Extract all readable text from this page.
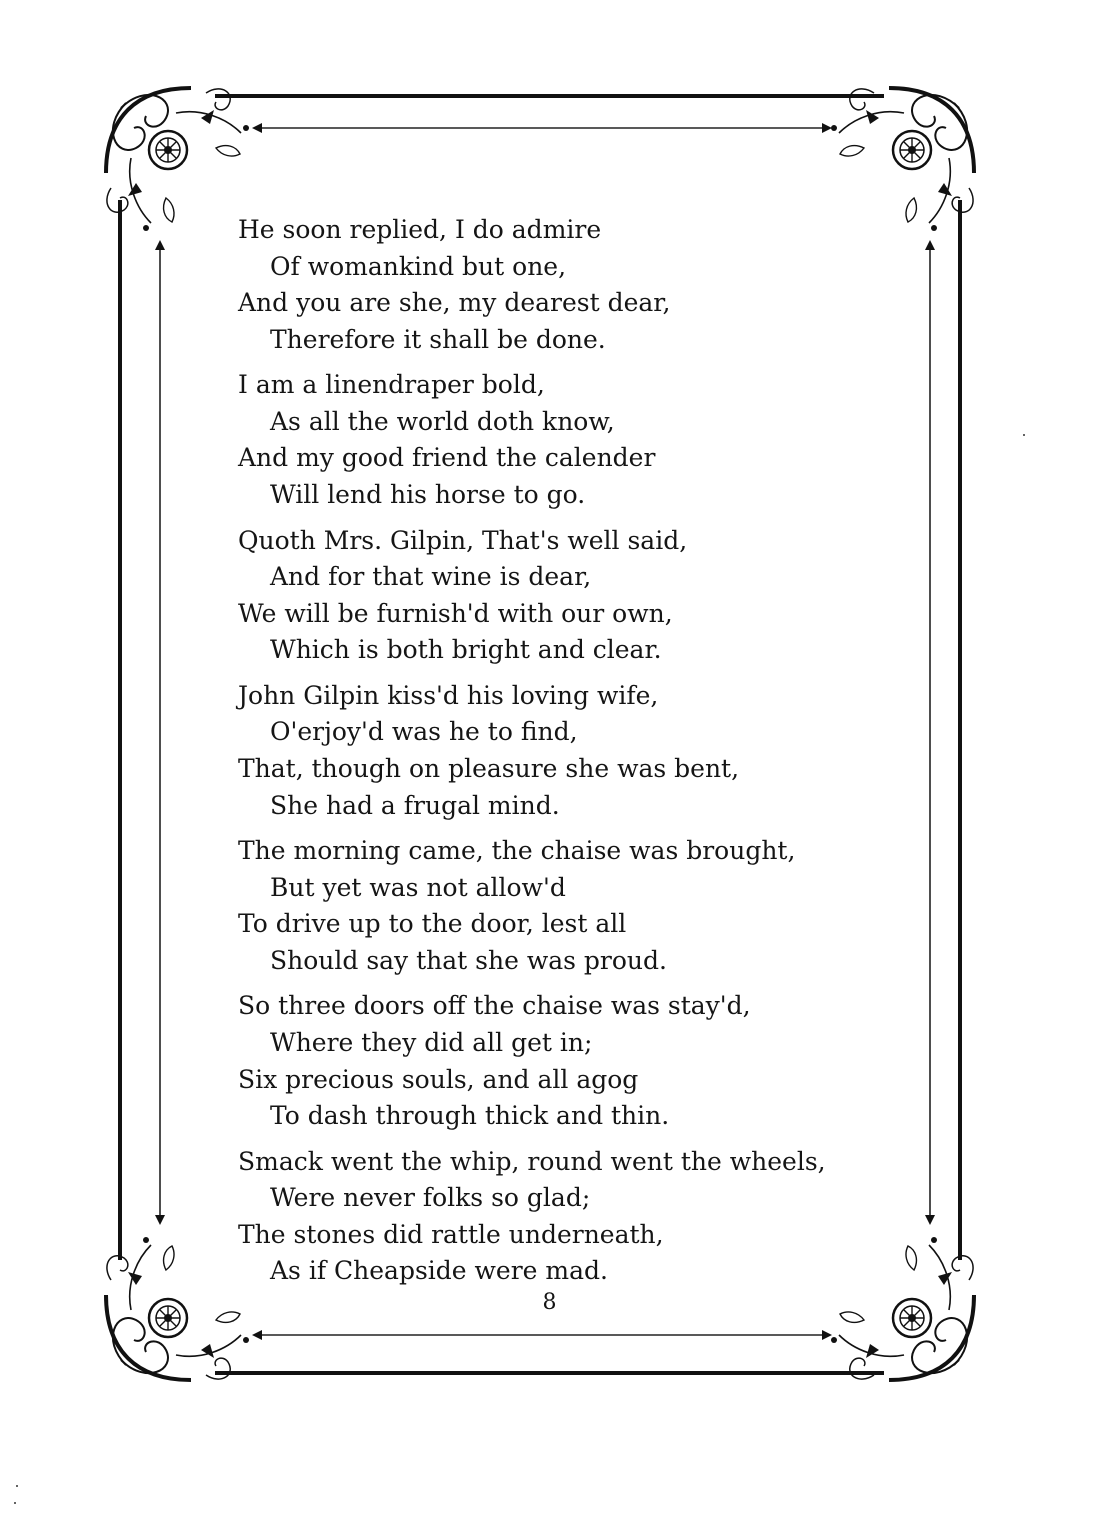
He soon replied, I do admire
Of womankind but one,
And you are she, my dearest dear,
Therefore it shall be done.
I am a linendraper bold,
As all the world doth know,
And my good friend the calender
Will lend his horse to go.
Quoth Mrs. Gilpin, That's well said,
And for that wine is dear,
We will be furnish'd with our own,
Which is both bright and clear.
John Gilpin kiss'd his loving wife,
O'erjoy'd was he to find,
That, though on pleasure she was bent,
She had a frugal mind.
The morning came, the chaise was brought,
But yet was not allow'd
To drive up to the door, lest all
Should say that she was proud.
So three doors off the chaise was stay'd,
Where they did all get in;
Six precious souls, and all agog
To dash through thick and thin.
Smack went the whip, round went the wheels,
Were never folks so glad;
The stones did rattle underneath,
As if Cheapside were mad.
8
